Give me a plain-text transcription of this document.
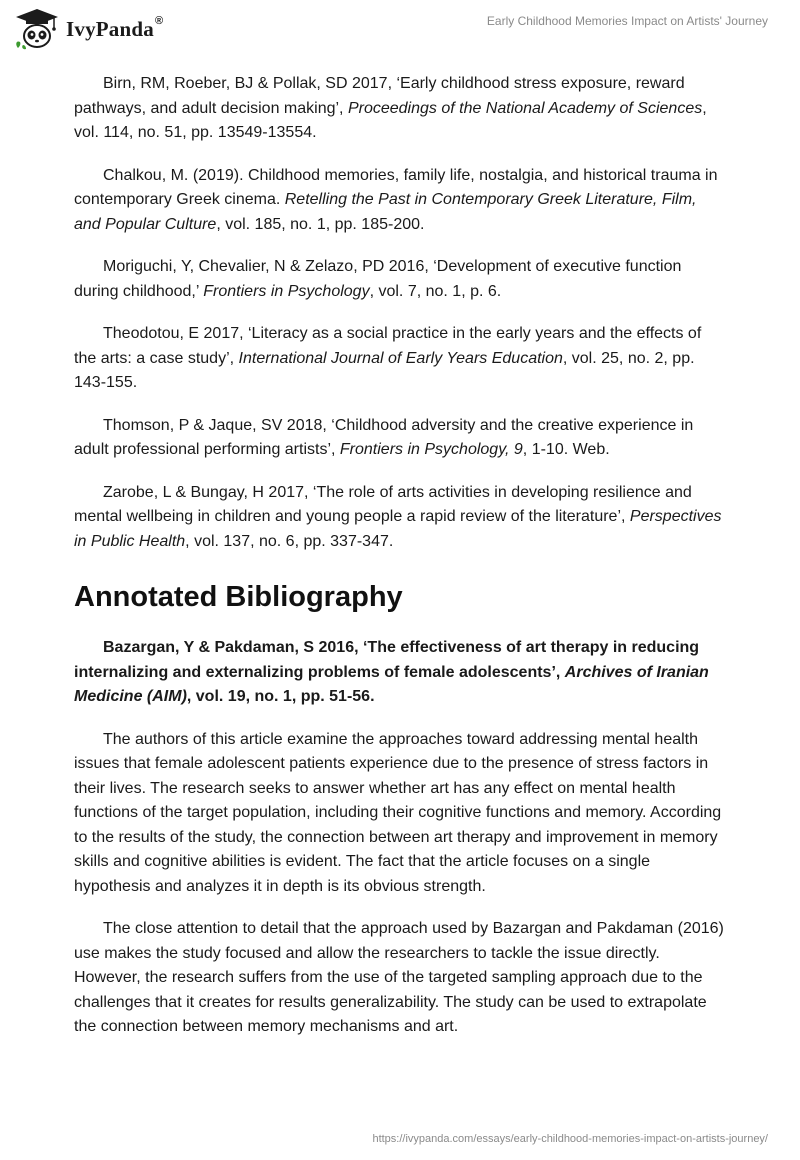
IvyPanda®	Early Childhood Memories Impact on Artists' Journey

Birn, RM, Roeber, BJ & Pollak, SD 2017, ‘Early childhood stress exposure, reward pathways, and adult decision making’, Proceedings of the National Academy of Sciences, vol. 114, no. 51, pp. 13549-13554.

Chalkou, M. (2019). Childhood memories, family life, nostalgia, and historical trauma in contemporary Greek cinema. Retelling the Past in Contemporary Greek Literature, Film, and Popular Culture, vol. 185, no. 1, pp. 185-200.

Moriguchi, Y, Chevalier, N & Zelazo, PD 2016, ‘Development of executive function during childhood,’ Frontiers in Psychology, vol. 7, no. 1, p. 6.

Theodotou, E 2017, ‘Literacy as a social practice in the early years and the effects of the arts: a case study’, International Journal of Early Years Education, vol. 25, no. 2, pp. 143-155.

Thomson, P & Jaque, SV 2018, ‘Childhood adversity and the creative experience in adult professional performing artists’, Frontiers in Psychology, 9, 1-10. Web.

Zarobe, L & Bungay, H 2017, ‘The role of arts activities in developing resilience and mental wellbeing in children and young people a rapid review of the literature’, Perspectives in Public Health, vol. 137, no. 6, pp. 337-347.

Annotated Bibliography

Bazargan, Y & Pakdaman, S 2016, ‘The effectiveness of art therapy in reducing internalizing and externalizing problems of female adolescents’, Archives of Iranian Medicine (AIM), vol. 19, no. 1, pp. 51-56.

The authors of this article examine the approaches toward addressing mental health issues that female adolescent patients experience due to the presence of stress factors in their lives. The research seeks to answer whether art has any effect on mental health functions of the target population, including their cognitive functions and memory. According to the results of the study, the connection between art therapy and improvement in memory skills and cognitive abilities is evident. The fact that the article focuses on a single hypothesis and analyzes it in depth is its obvious strength.

The close attention to detail that the approach used by Bazargan and Pakdaman (2016) use makes the study focused and allow the researchers to tackle the issue directly. However, the research suffers from the use of the targeted sampling approach due to the challenges that it creates for results generalizability. The study can be used to extrapolate the connection between memory mechanisms and art.

https://ivypanda.com/essays/early-childhood-memories-impact-on-artists-journey/
